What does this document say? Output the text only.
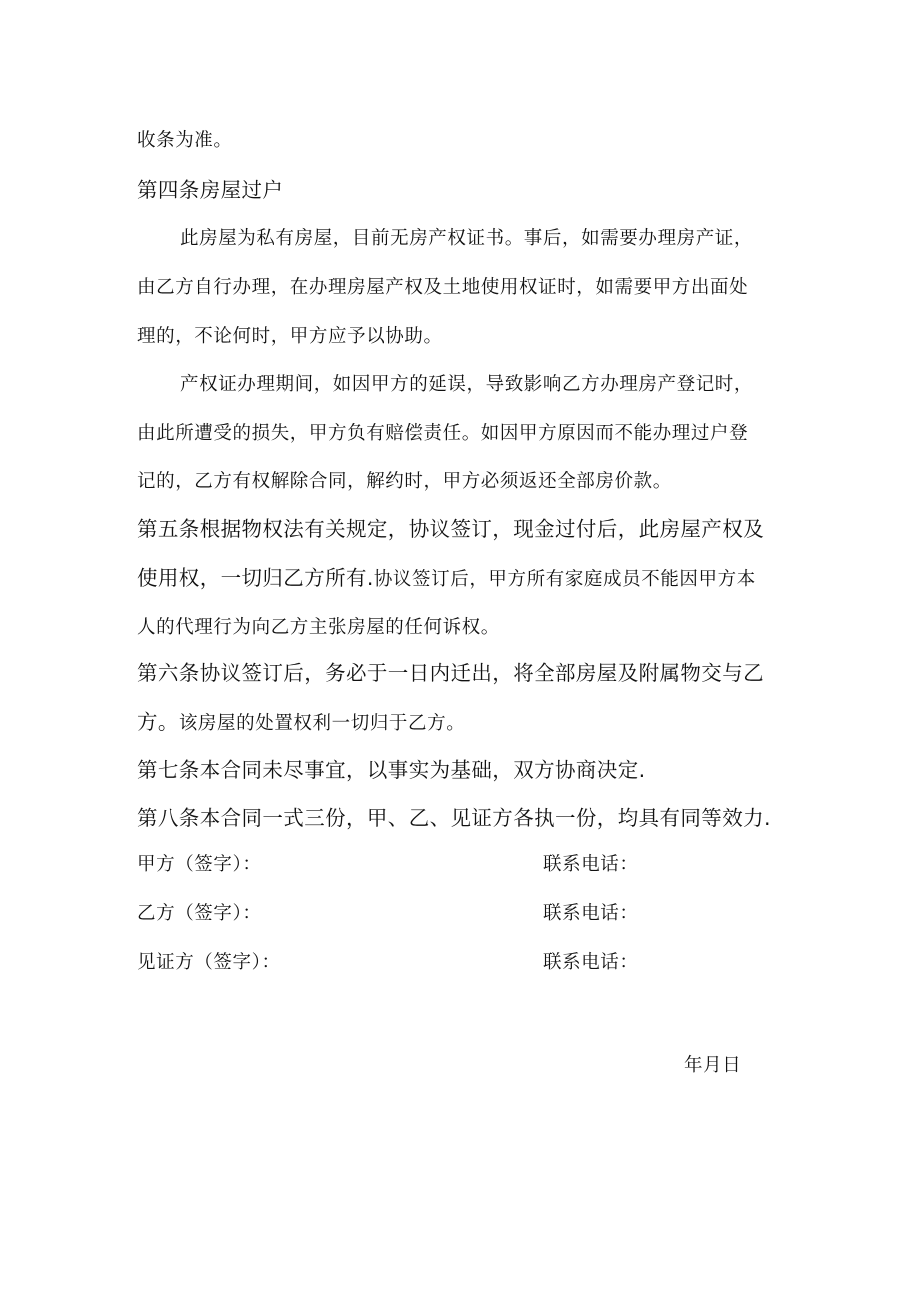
收条为准。
第四条房屋过户
此房屋为私有房屋，目前无房产权证书。事后，如需要办理房产证，
由乙方自行办理，在办理房屋产权及土地使用权证时，如需要甲方出面处
理的，不论何时，甲方应予以协助。
产权证办理期间，如因甲方的延误，导致影响乙方办理房产登记时，
由此所遭受的损失，甲方负有赔偿责任。如因甲方原因而不能办理过户登
记的，乙方有权解除合同，解约时，甲方必须返还全部房价款。
第五条根据物权法有关规定，协议签订，现金过付后，此房屋产权及
使用权，一切归乙方所有.协议签订后，甲方所有家庭成员不能因甲方本
人的代理行为向乙方主张房屋的任何诉权。
第六条协议签订后，务必于一日内迁出，将全部房屋及附属物交与乙
方。该房屋的处置权利一切归于乙方。
第七条本合同未尽事宜，以事实为基础，双方协商决定.
第八条本合同一式三份，甲、乙、见证方各执一份，均具有同等效力.
甲方（签字）：	联系电话：
乙方（签字）：	联系电话：
见证方（签字）：	联系电话：
年月日
